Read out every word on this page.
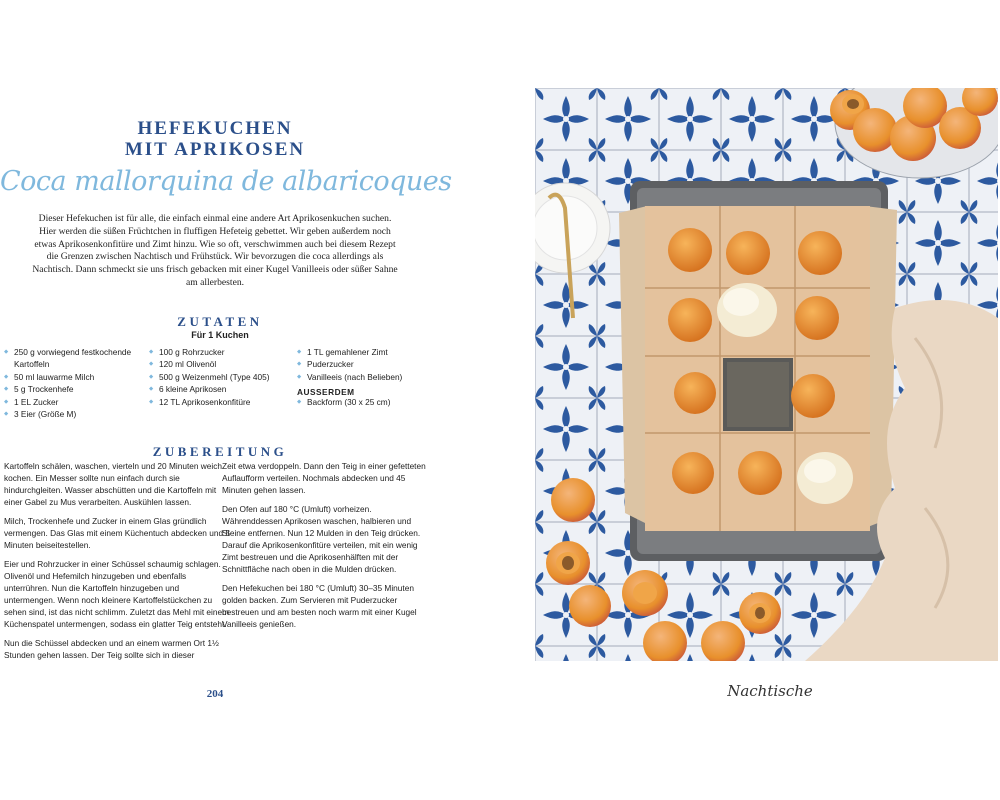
HEFEKUCHEN
MIT APRIKOSEN
Coca mallorquina de albaricoques
Dieser Hefekuchen ist für alle, die einfach einmal eine andere Art Aprikosenkuchen suchen. Hier werden die süßen Früchtchen in fluffigen Hefeteig gebettet. Wir geben außerdem noch etwas Aprikosenkonfitüre und Zimt hinzu. Wie so oft, verschwimmen auch bei diesem Rezept die Grenzen zwischen Nachtisch und Frühstück. Wir bevorzugen die coca allerdings als Nachtisch. Dann schmeckt sie uns frisch gebacken mit einer Kugel Vanilleeis oder süßer Sahne am allerbesten.
ZUTATEN
Für 1 Kuchen
◆ 250 g vorwiegend festkochende Kartoffeln
◆ 50 ml lauwarme Milch
◆ 5 g Trockenhefe
◆ 1 EL Zucker
◆ 3 Eier (Größe M)
◆ 100 g Rohrzucker
◆ 120 ml Olivenöl
◆ 500 g Weizenmehl (Type 405)
◆ 6 kleine Aprikosen
◆ 12 TL Aprikosenkonfitüre
◆ 1 TL gemahlener Zimt
◆ Puderzucker
◆ Vanilleeis (nach Belieben)
AUSSERDEM
◆ Backform (30 x 25 cm)
ZUBEREITUNG

Kartoffeln schälen, waschen, vierteln und 20 Minuten weich kochen. Ein Messer sollte nun einfach durch sie hindurchgleiten. Wasser abschütten und die Kartoffeln mit einer Gabel zu Mus verarbeiten. Auskühlen lassen.

Milch, Trockenhefe und Zucker in einem Glas gründlich vermengen. Das Glas mit einem Küchentuch abdecken und 5 Minuten beiseitestellen.

Eier und Rohrzucker in einer Schüssel schaumig schlagen. Olivenöl und Hefemilch hinzugeben und ebenfalls unterrühren. Nun die Kartoffeln hinzugeben und untermengen. Wenn noch kleinere Kartoffelstückchen zu sehen sind, ist das nicht schlimm. Zuletzt das Mehl mit einem Küchenspatel untermengen, sodass ein glatter Teig entsteht.

Nun die Schüssel abdecken und an einem warmen Ort 1½ Stunden gehen lassen. Der Teig sollte sich in dieser

Zeit etwa verdoppeln. Dann den Teig in einer gefetteten Auflaufform verteilen. Nochmals abdecken und 45 Minuten gehen lassen.

Den Ofen auf 180 °C (Umluft) vorheizen. Währenddessen Aprikosen waschen, halbieren und Steine entfernen. Nun 12 Mulden in den Teig drücken. Darauf die Aprikosenkonfitüre verteilen, mit ein wenig Zimt bestreuen und die Aprikosenhälften mit der Schnittfläche nach oben in die Mulden drücken.

Den Hefekuchen bei 180 °C (Umluft) 30–35 Minuten golden backen. Zum Servieren mit Puderzucker bestreuen und am besten noch warm mit einer Kugel Vanilleeis genießen.

204	Nachtische
